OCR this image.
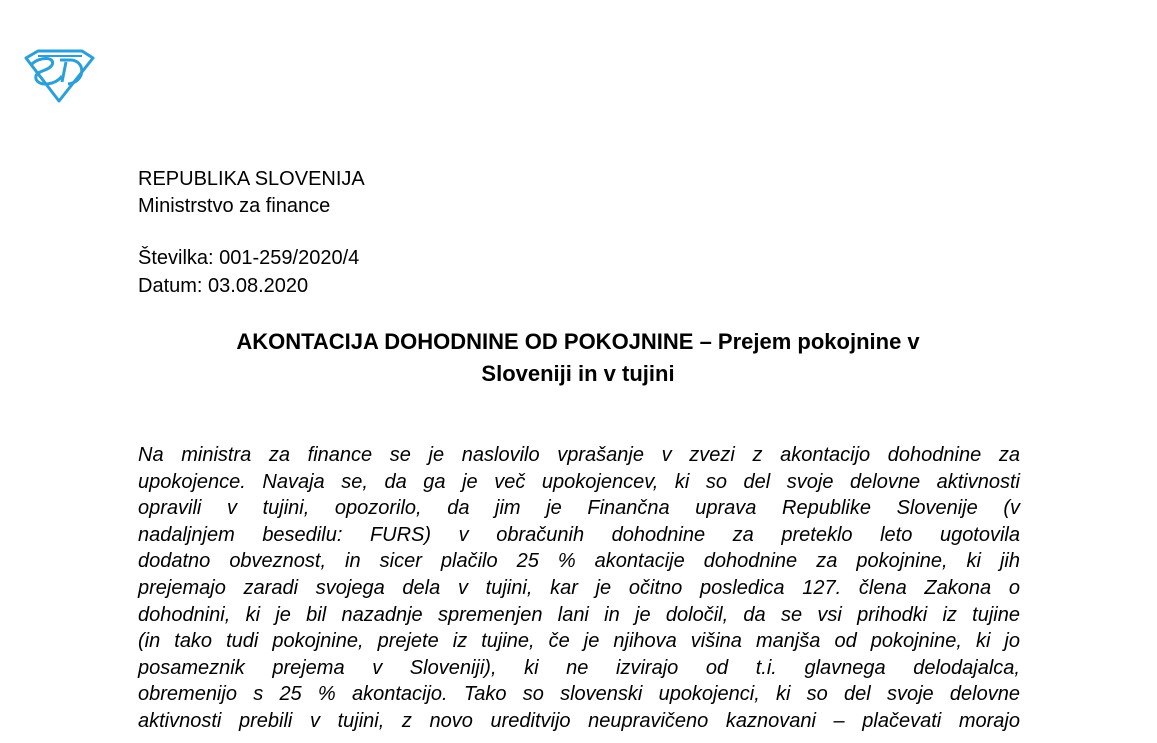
REPUBLIKA SLOVENIJA
Ministrstvo za finance
Številka: 001-259/2020/4
Datum: 03.08.2020
AKONTACIJA DOHODNINE OD POKOJNINE – Prejem pokojnine v
Sloveniji in v tujini

Na ministra za finance se je naslovilo vprašanje v zvezi z akontacijo dohodnine za
upokojence. Navaja se, da ga je več upokojencev, ki so del svoje delovne aktivnosti
opravili v tujini, opozorilo, da jim je Finančna uprava Republike Slovenije (v
nadaljnjem besedilu: FURS) v obračunih dohodnine za preteklo leto ugotovila
dodatno obveznost, in sicer plačilo 25 % akontacije dohodnine za pokojnine, ki jih
prejemajo zaradi svojega dela v tujini, kar je očitno posledica 127. člena Zakona o
dohodnini, ki je bil nazadnje spremenjen lani in je določil, da se vsi prihodki iz tujine
(in tako tudi pokojnine, prejete iz tujine, če je njihova višina manjša od pokojnine, ki jo
posameznik prejema v Sloveniji), ki ne izvirajo od t.i. glavnega delodajalca,
obremenijo s 25 % akontacijo. Tako so slovenski upokojenci, ki so del svoje delovne
aktivnosti prebili v tujini, z novo ureditvijo neupravičeno kaznovani – plačevati morajo
